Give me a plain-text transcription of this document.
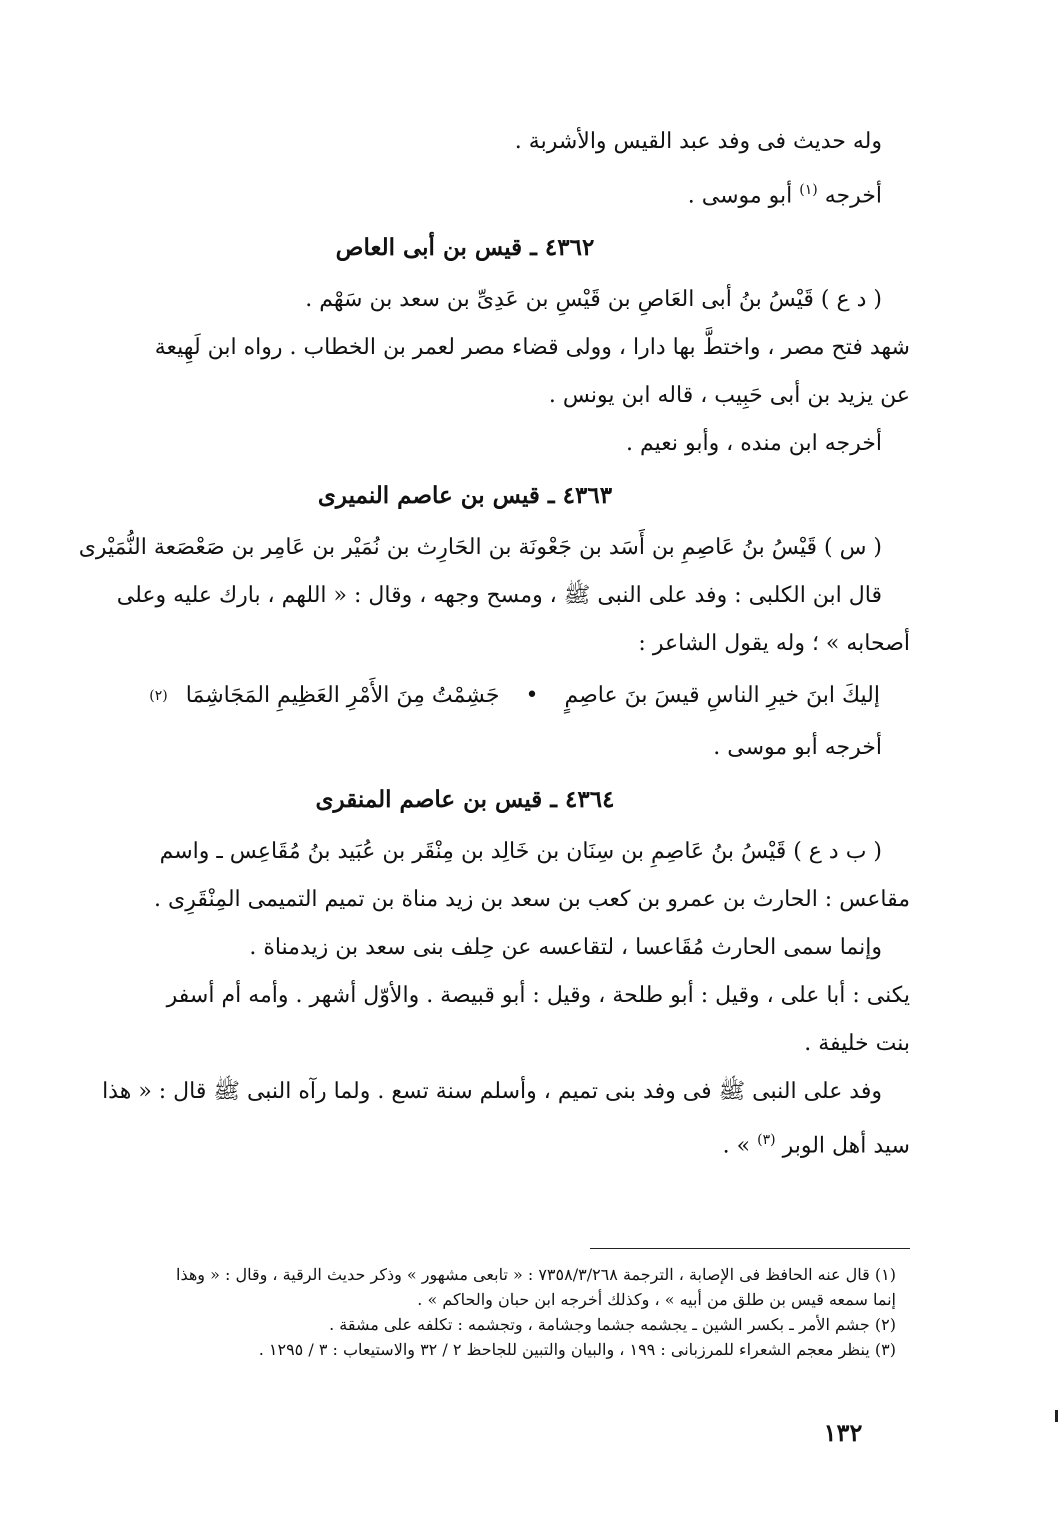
وله حديث فى وفد عبد القيس والأشربة .

أخرجه $^{(١)}$ أبو موسى .

٤٣٦٢ ـ قيس بن أبى العاص

( د ع ) قَيْسُ بنُ أبى العَاصِ بن قَيْسِ بن عَدِىِّ بن سعد بن سَهْم .

شهد فتح مصر ، واختطَّ بها دارا ، وولى قضاء مصر لعمر بن الخطاب . رواه ابن لَهِيعة

عن يزيد بن أبى حَبِيب ، قاله ابن يونس .

أخرجه ابن منده ، وأبو نعيم .

٤٣٦٣ ـ قيس بن عاصم النميرى

( س ) قَيْسُ بنُ عَاصِمِ بن أَسَد بن جَعْونَة بن الحَارِث بن نُمَيْر بن عَامِر بن صَعْصَعة النُّمَيْرى

قال ابن الكلبى : وفد على النبى ﷺ ، ومسح وجهه ، وقال : « اللهم ، بارك عليه وعلى

أصحابه » ؛ وله يقول الشاعر :

إليكَ ابنَ خيرِ الناسِ قيسَ بنَ عاصِمٍ
•
جَشِمْتُ مِنَ الأَمْرِ العَظِيمِ المَجَاشِمَا
(٢)

أخرجه أبو موسى .

٤٣٦٤ ـ قيس بن عاصم المنقرى

( ب د ع ) قَيْسُ بنُ عَاصِمِ بن سِنَان بن خَالِد بن مِنْقَر بن عُبَيد بنُ مُقَاعِس ـ واسم

مقاعس : الحارث بن عمرو بن كعب بن سعد بن زيد مناة بن تميم التميمى المِنْقَرِى .

وإنما سمى الحارث مُقَاعسا ، لتقاعسه عن حِلف بنى سعد بن زيدمناة .

يكنى : أبا على ، وقيل : أبو طلحة ، وقيل : أبو قبيصة . والأوّل أشهر . وأمه أم أسفر

بنت خليفة .

وفد على النبى ﷺ فى وفد بنى تميم ، وأسلم سنة تسع . ولما رآه النبى ﷺ قال : « هذا

سيد أهل الوبر $^{(٣)}$ » .

(١) قال عنه الحافظ فى الإصابة ، الترجمة ٧٣٥٨/٣/٢٦٨ : « تابعى مشهور » وذكر حديث الرقية ، وقال : « وهذا
إنما سمعه قيس بن طلق من أبيه » ، وكذلك أخرجه ابن حبان والحاكم » .

(٢) جشم الأمر ـ بكسر الشين ـ يجشمه جشما وجشامة ، وتجشمه : تكلفه على مشقة .

(٣) ينظر معجم الشعراء للمرزبانى : ١٩٩ ، والبيان والتبين للجاحظ ٢ / ٣٢ والاستيعاب : ٣ / ١٢٩٥ .

١٣٢
